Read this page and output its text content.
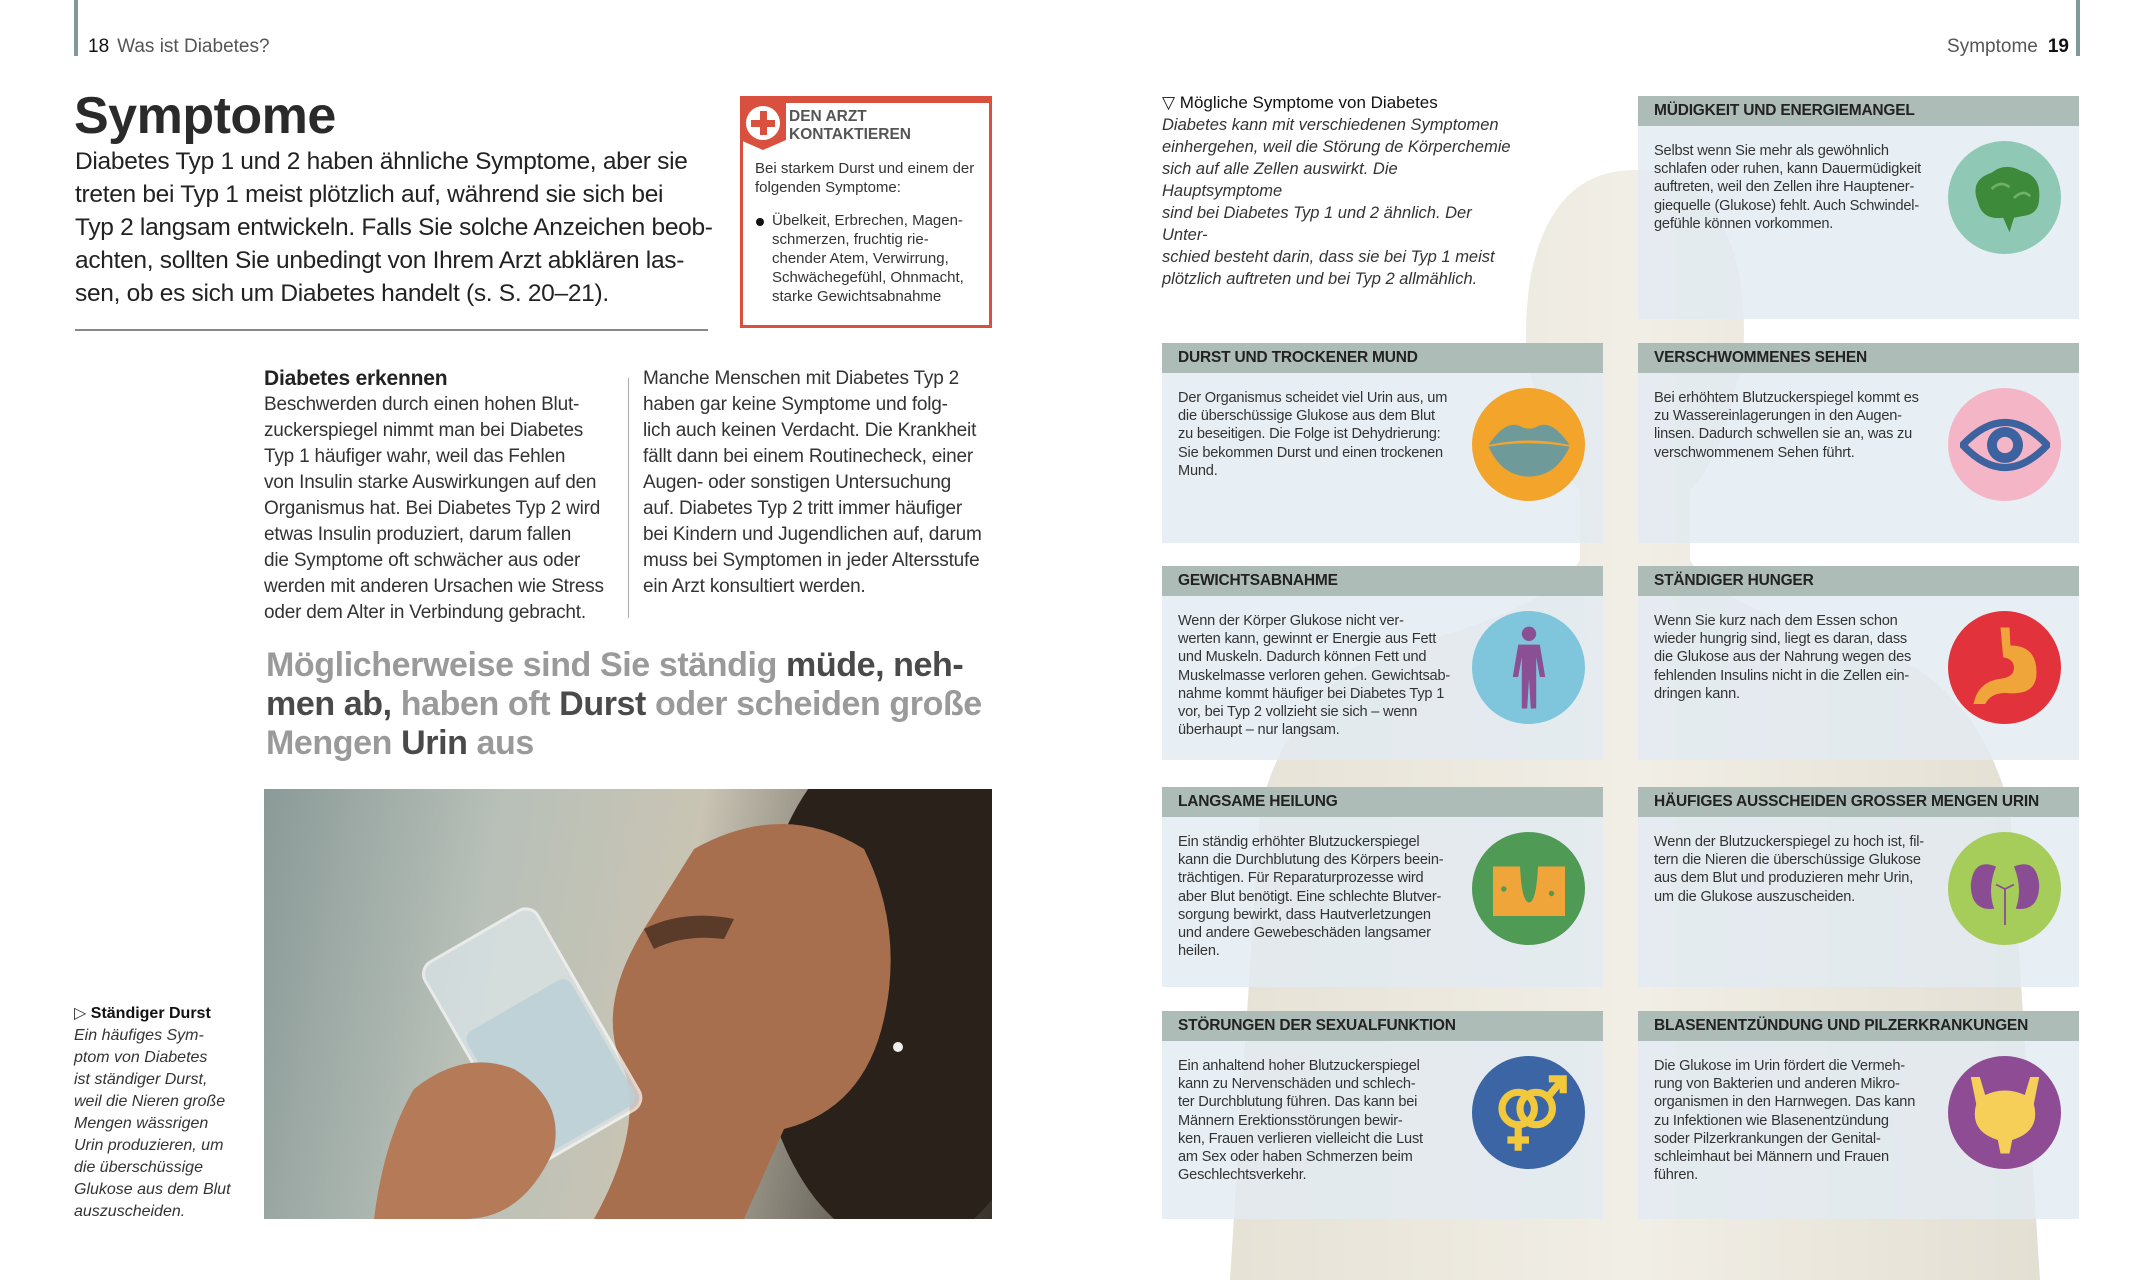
18 Was ist Diabetes?
Symptome

Diabetes Typ 1 und 2 haben ähnliche Symptome, aber sie
treten bei Typ 1 meist plötzlich auf, während sie sich bei
Typ 2 langsam entwickeln. Falls Sie solche Anzeichen beob-
achten, sollten Sie unbedingt von Ihrem Arzt abklären las-
sen, ob es sich um Diabetes handelt (s. S. 20–21).

DEN ARZT
KONTAKTIEREN

Bei starkem Durst und einem der
folgenden Symptome:

Übelkeit, Erbrechen, Magen-
schmerzen, fruchtig rie-
chender Atem, Verwirrung,
Schwächegefühl, Ohnmacht,
starke Gewichtsabnahme

Diabetes erkennen

Beschwerden durch einen hohen Blut-
zuckerspiegel nimmt man bei Diabetes
Typ 1 häufiger wahr, weil das Fehlen
von Insulin starke Auswirkungen auf den
Organismus hat. Bei Diabetes Typ 2 wird
etwas Insulin produziert, darum fallen
die Symptome oft schwächer aus oder
werden mit anderen Ursachen wie Stress
oder dem Alter in Verbindung gebracht.

Manche Menschen mit Diabetes Typ 2
haben gar keine Symptome und folg-
lich auch keinen Verdacht. Die Krankheit
fällt dann bei einem Routinecheck, einer
Augen- oder sonstigen Untersuchung
auf. Diabetes Typ 2 tritt immer häufiger
bei Kindern und Jugendlichen auf, darum
muss bei Symptomen in jeder Altersstufe
ein Arzt konsultiert werden.

Möglicherweise sind Sie ständig müde, neh-
men ab, haben oft Durst oder scheiden große
Mengen Urin aus

▷ Ständiger Durst
Ein häufiges Sym-
ptom von Diabetes
ist ständiger Durst,
weil die Nieren große
Mengen wässrigen
Urin produzieren, um
die überschüssige
Glukose aus dem Blut
auszuscheiden.
Symptome 19
▽ Mögliche Symptome von Diabetes
Diabetes kann mit verschiedenen Symptomen
einhergehen, weil die Störung de Körperchemie
sich auf alle Zellen auswirkt. Die Hauptsymptome
sind bei Diabetes Typ 1 und 2 ähnlich. Der Unter-
schied besteht darin, dass sie bei Typ 1 meist
plötzlich auftreten und bei Typ 2 allmählich.
MÜDIGKEIT UND ENERGIEMANGEL

Selbst wenn Sie mehr als gewöhnlich
schlafen oder ruhen, kann Dauermüdigkeit
auftreten, weil den Zellen ihre Hauptener-
giequelle (Glukose) fehlt. Auch Schwindel-
gefühle können vorkommen.

DURST UND TROCKENER MUND

Der Organismus scheidet viel Urin aus, um
die überschüssige Glukose aus dem Blut
zu beseitigen. Die Folge ist Dehydrierung:
Sie bekommen Durst und einen trockenen
Mund.

VERSCHWOMMENES SEHEN

Bei erhöhtem Blutzuckerspiegel kommt es
zu Wassereinlagerungen in den Augen-
linsen. Dadurch schwellen sie an, was zu
verschwommenem Sehen führt.

GEWICHTSABNAHME

Wenn der Körper Glukose nicht ver-
werten kann, gewinnt er Energie aus Fett
und Muskeln. Dadurch können Fett und
Muskelmasse verloren gehen. Gewichtsab-
nahme kommt häufiger bei Diabetes Typ 1
vor, bei Typ 2 vollzieht sie sich – wenn
überhaupt – nur langsam.

STÄNDIGER HUNGER

Wenn Sie kurz nach dem Essen schon
wieder hungrig sind, liegt es daran, dass
die Glukose aus der Nahrung wegen des
fehlenden Insulins nicht in die Zellen ein-
dringen kann.

LANGSAME HEILUNG

Ein ständig erhöhter Blutzuckerspiegel
kann die Durchblutung des Körpers beein-
trächtigen. Für Reparaturprozesse wird
aber Blut benötigt. Eine schlechte Blutver-
sorgung bewirkt, dass Hautverletzungen
und andere Gewebeschäden langsamer
heilen.

HÄUFIGES AUSSCHEIDEN GROSSER MENGEN URIN

Wenn der Blutzuckerspiegel zu hoch ist, fil-
tern die Nieren die überschüssige Glukose
aus dem Blut und produzieren mehr Urin,
um die Glukose auszuscheiden.

STÖRUNGEN DER SEXUALFUNKTION

Ein anhaltend hoher Blutzuckerspiegel
kann zu Nervenschäden und schlech-
ter Durchblutung führen. Das kann bei
Männern Erektionsstörungen bewir-
ken, Frauen verlieren vielleicht die Lust
am Sex oder haben Schmerzen beim
Geschlechtsverkehr.

BLASENENTZÜNDUNG UND PILZERKRANKUNGEN

Die Glukose im Urin fördert die Vermeh-
rung von Bakterien und anderen Mikro-
organismen in den Harnwegen. Das kann
zu Infektionen wie Blasenentzündung
soder Pilzerkrankungen der Genital-
schleimhaut bei Männern und Frauen
führen.
